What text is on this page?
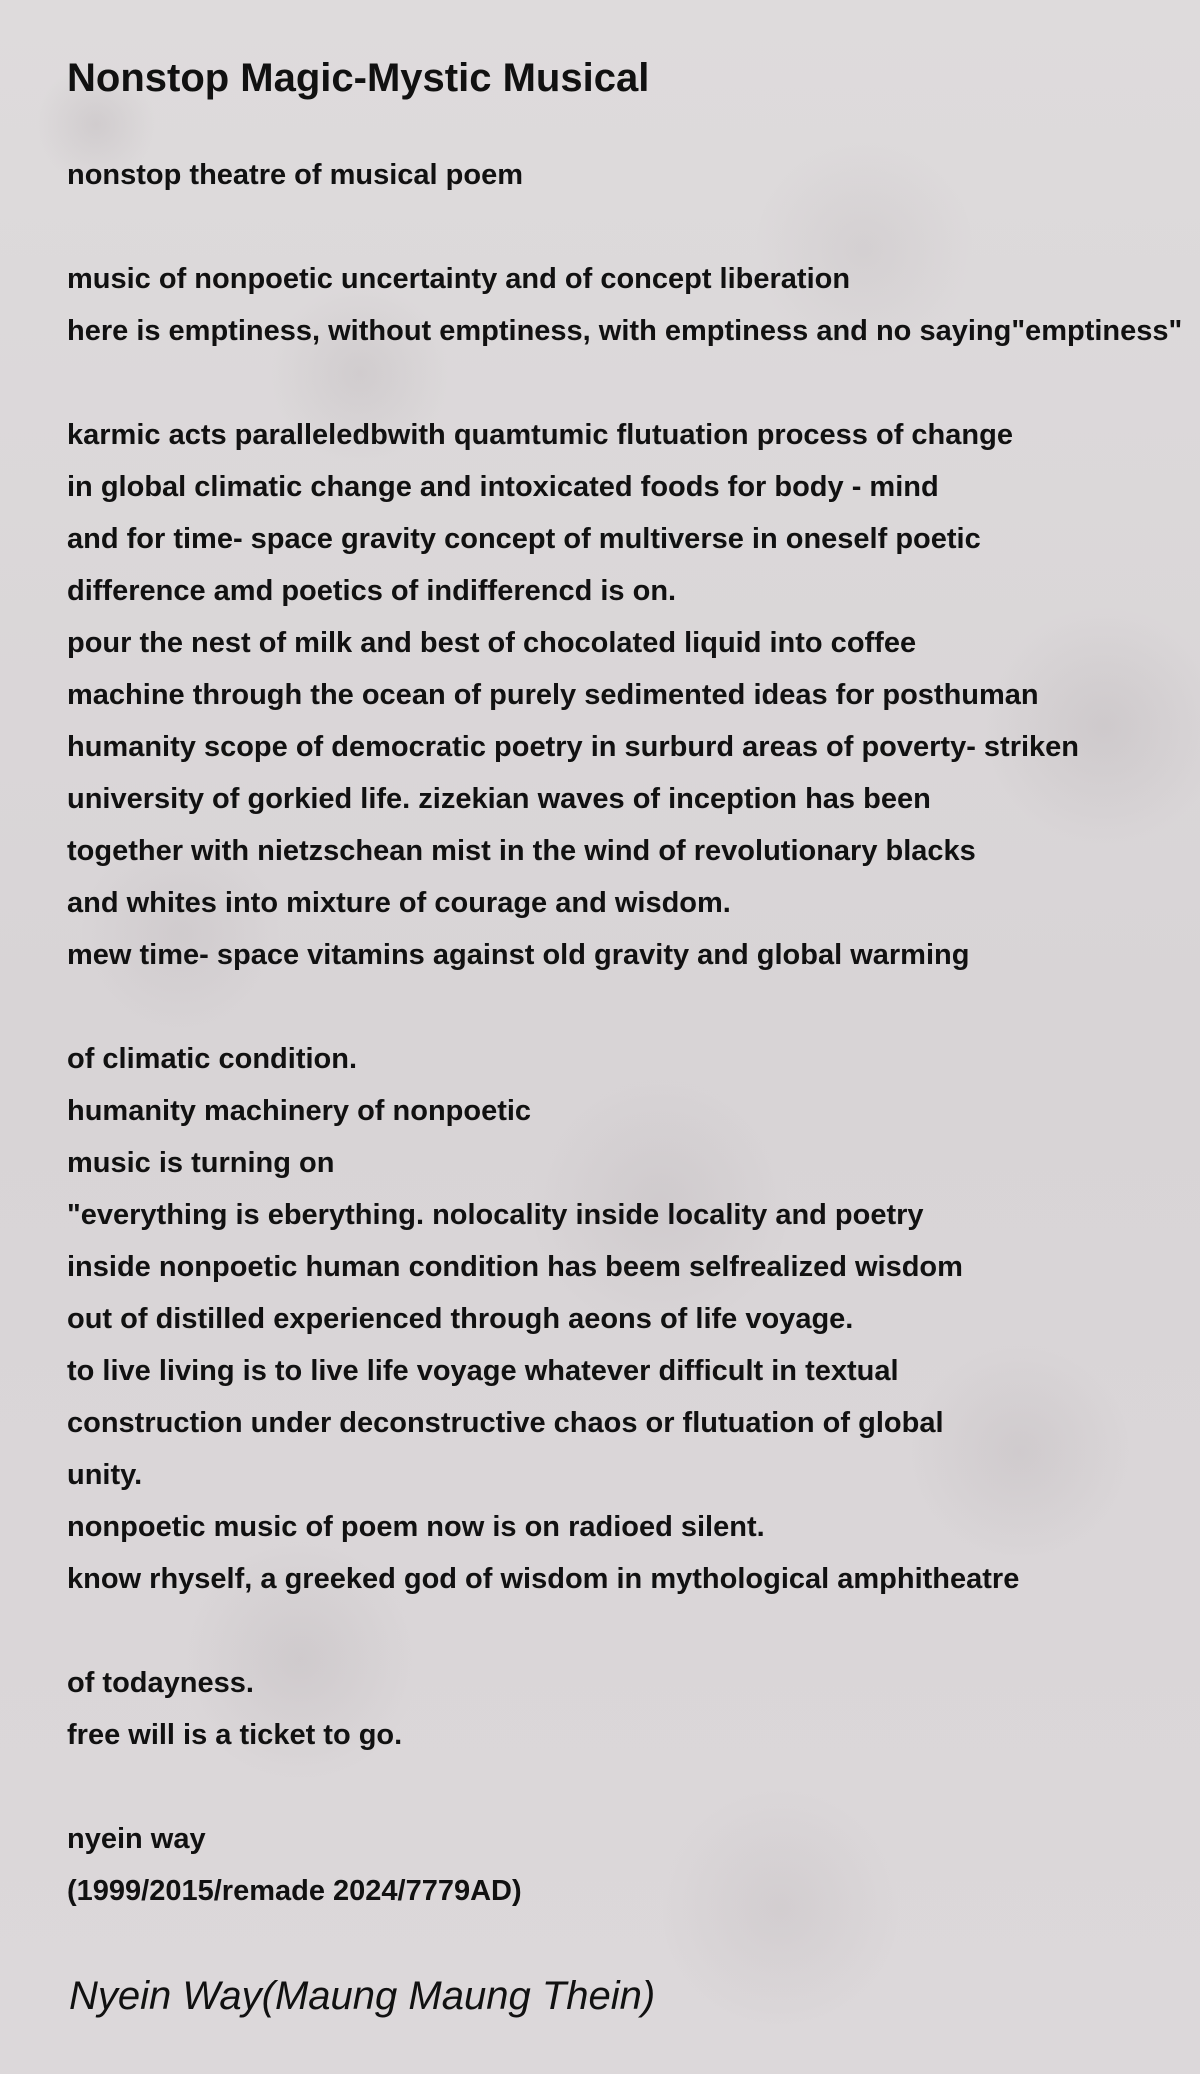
Nonstop Magic-Mystic Musical
nonstop theatre of musical poem
music of nonpoetic uncertainty and of concept liberation
here is emptiness, without emptiness, with emptiness and no saying"emptiness"
karmic acts paralleledbwith quamtumic flutuation process of change
in global climatic change and intoxicated foods for body - mind
and for time- space gravity concept of multiverse in oneself poetic
difference amd poetics of indifferencd is on.
pour the nest of milk and best of chocolated liquid into coffee
machine through the ocean of purely sedimented ideas for posthuman
humanity scope of democratic poetry in surburd areas of poverty- striken
university of gorkied life. zizekian waves of inception has been
together with nietzschean mist in the wind of revolutionary blacks
and whites into mixture of courage and wisdom.
mew time- space vitamins against old gravity and global warming
of climatic condition.
humanity machinery of nonpoetic
music is turning on
"everything is eberything. nolocality inside locality and poetry
inside nonpoetic human condition has beem selfrealized wisdom
out of distilled experienced through aeons of life voyage.
to live living is to live life voyage whatever difficult in textual
construction under deconstructive chaos or flutuation of global
unity.
nonpoetic music of poem now is on radioed silent.
know rhyself, a greeked god of wisdom in mythological amphitheatre
of todayness.
free will is a ticket to go.
nyein way
(1999/2015/remade 2024/7779AD)
Nyein Way(Maung Maung Thein)
